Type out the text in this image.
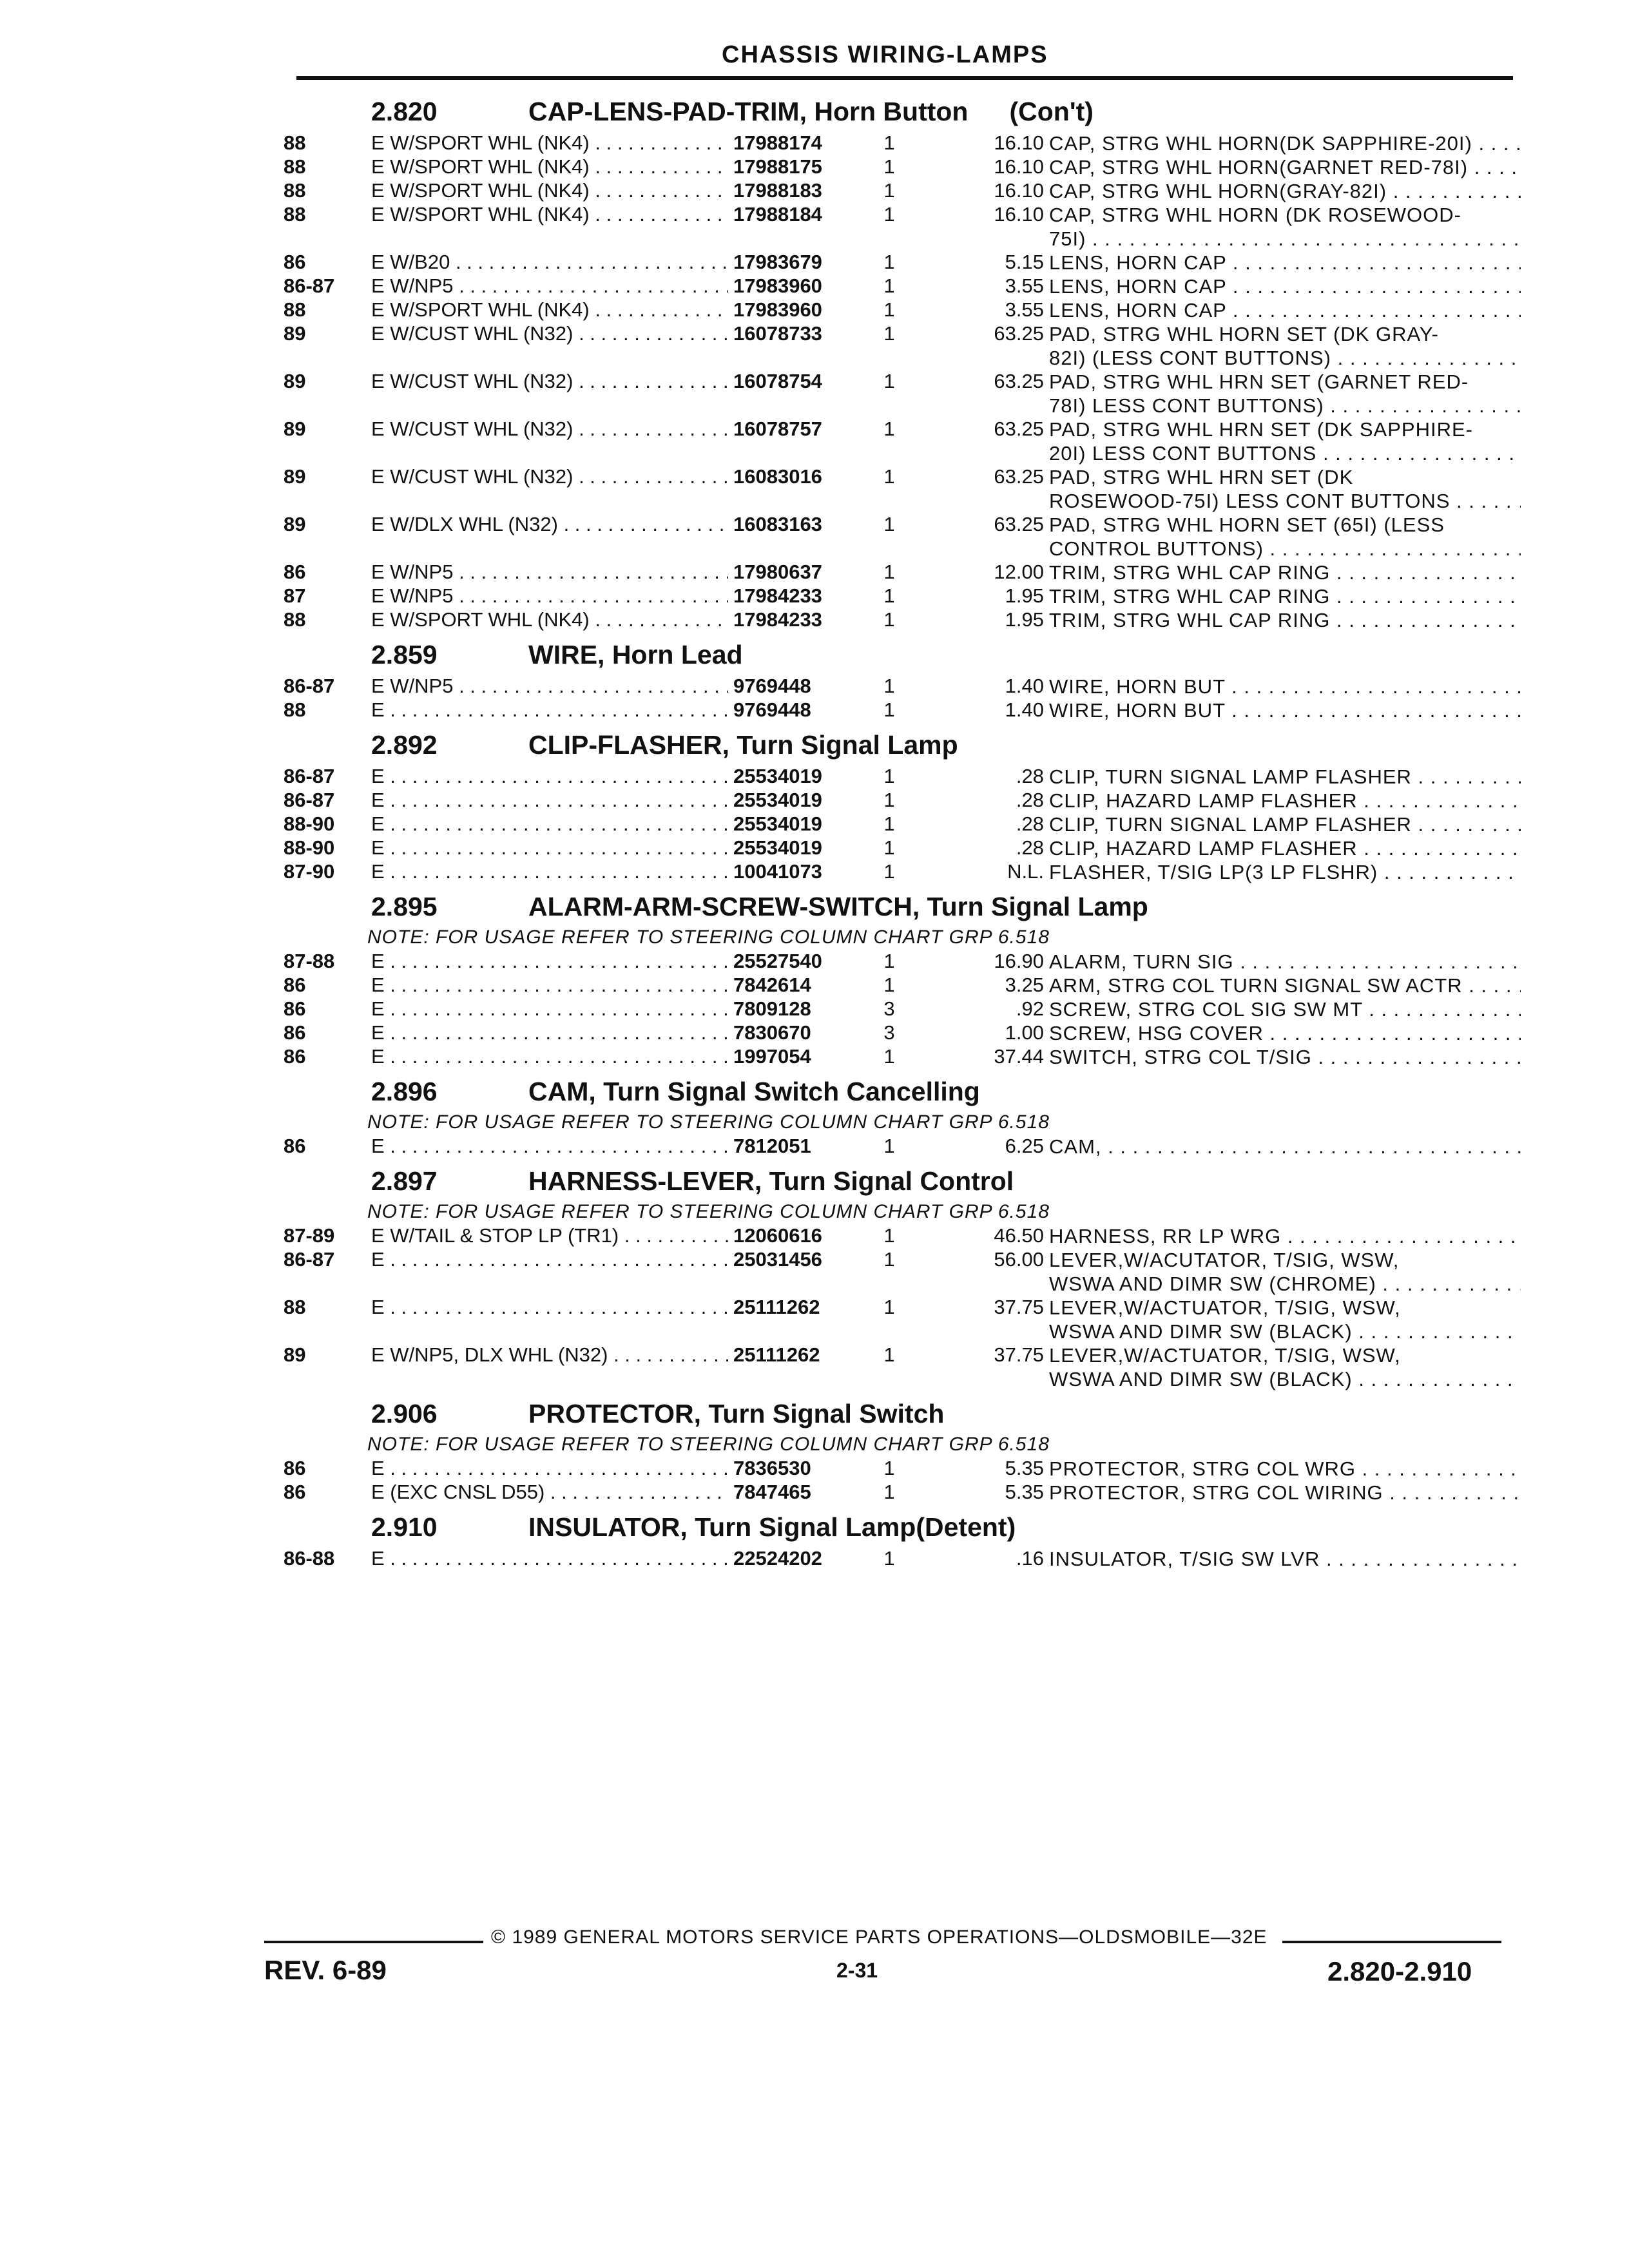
CHASSIS WIRING-LAMPS
2.820	CAP-LENS-PAD-TRIM, Horn Button (Con't)
88	E W/SPORT WHL (NK4) . . .	17988174	1	16.10 CAP, STRG WHL HORN(DK SAPPHIRE-20I) . . .
88	E W/SPORT WHL (NK4) . . .	17988175	1	16.10 CAP, STRG WHL HORN(GARNET RED-78I) . . .
88	E W/SPORT WHL (NK4) . . .	17988183	1	16.10 CAP, STRG WHL HORN(GRAY-82I) . . .
88	E W/SPORT WHL (NK4) . . .	17988184	1	16.10 CAP, STRG WHL HORN (DK ROSEWOOD-
75I) . . .
86	E W/B20 . . .	17983679	1	5.15 LENS, HORN CAP . . .
86-87	E W/NP5 . . .	17983960	1	3.55 LENS, HORN CAP . . .
88	E W/SPORT WHL (NK4) . . .	17983960	1	3.55 LENS, HORN CAP . . .
89	E W/CUST WHL (N32) . . .	16078733	1	63.25 PAD, STRG WHL HORN SET (DK GRAY-
82I) (LESS CONT BUTTONS) . . .
89	E W/CUST WHL (N32) . . .	16078754	1	63.25 PAD, STRG WHL HRN SET (GARNET RED-
78I) LESS CONT BUTTONS) . . .
89	E W/CUST WHL (N32) . . .	16078757	1	63.25 PAD, STRG WHL HRN SET (DK SAPPHIRE-
20I) LESS CONT BUTTONS . . .
89	E W/CUST WHL (N32) . . .	16083016	1	63.25 PAD, STRG WHL HRN SET (DK
ROSEWOOD-75I) LESS CONT BUTTONS . . .
89	E W/DLX WHL (N32) . . .	16083163	1	63.25 PAD, STRG WHL HORN SET (65I) (LESS
CONTROL BUTTONS) . . .
86	E W/NP5 . . .	17980637	1	12.00 TRIM, STRG WHL CAP RING . . .
87	E W/NP5 . . .	17984233	1	1.95 TRIM, STRG WHL CAP RING . . .
88	E W/SPORT WHL (NK4) . . .	17984233	1	1.95 TRIM, STRG WHL CAP RING . . .
2.859	WIRE, Horn Lead
86-87	E W/NP5 . . .	9769448	1	1.40 WIRE, HORN BUT . . .
88	E . . .	9769448	1	1.40 WIRE, HORN BUT . . .
2.892	CLIP-FLASHER, Turn Signal Lamp
86-87	E . . .	25534019	1	.28 CLIP, TURN SIGNAL LAMP FLASHER . . .
86-87	E . . .	25534019	1	.28 CLIP, HAZARD LAMP FLASHER . . .
88-90	E . . .	25534019	1	.28 CLIP, TURN SIGNAL LAMP FLASHER . . .
88-90	E . . .	25534019	1	.28 CLIP, HAZARD LAMP FLASHER . . .
87-90	E . . .	10041073	1	N.L. FLASHER, T/SIG LP(3 LP FLSHR) . . .
2.895	ALARM-ARM-SCREW-SWITCH, Turn Signal Lamp
NOTE: FOR USAGE REFER TO STEERING COLUMN CHART GRP 6.518
87-88	E . . .	25527540	1	16.90 ALARM, TURN SIG . . .
86	E . . .	7842614	1	3.25 ARM, STRG COL TURN SIGNAL SW ACTR . . .
86	E . . .	7809128	3	.92 SCREW, STRG COL SIG SW MT . . .
86	E . . .	7830670	3	1.00 SCREW, HSG COVER . . .
86	E . . .	1997054	1	37.44 SWITCH, STRG COL T/SIG . . .
2.896	CAM, Turn Signal Switch Cancelling
NOTE: FOR USAGE REFER TO STEERING COLUMN CHART GRP 6.518
86	E . . .	7812051	1	6.25 CAM, . . .
2.897	HARNESS-LEVER, Turn Signal Control
NOTE: FOR USAGE REFER TO STEERING COLUMN CHART GRP 6.518
87-89	E W/TAIL & STOP LP (TR1) . . .	12060616	1	46.50 HARNESS, RR LP WRG . . .
86-87	E . . .	25031456	1	56.00 LEVER,W/ACUTATOR, T/SIG, WSW,
WSWA AND DIMR SW (CHROME) . . .
88	E . . .	25111262	1	37.75 LEVER,W/ACTUATOR, T/SIG, WSW,
WSWA AND DIMR SW (BLACK) . . .
89	E W/NP5, DLX WHL (N32) . . .	25111262	1	37.75 LEVER,W/ACTUATOR, T/SIG, WSW,
WSWA AND DIMR SW (BLACK) . . .
2.906	PROTECTOR, Turn Signal Switch
NOTE: FOR USAGE REFER TO STEERING COLUMN CHART GRP 6.518
86	E . . .	7836530	1	5.35 PROTECTOR, STRG COL WRG . . .
86	E (EXC CNSL D55) . . .	7847465	1	5.35 PROTECTOR, STRG COL WIRING . . .
2.910	INSULATOR, Turn Signal Lamp(Detent)
86-88	E . . .	22524202	1	.16 INSULATOR, T/SIG SW LVR . . .
© 1989 GENERAL MOTORS SERVICE PARTS OPERATIONS—OLDSMOBILE—32E
REV. 6-89	2-31	2.820-2.910
